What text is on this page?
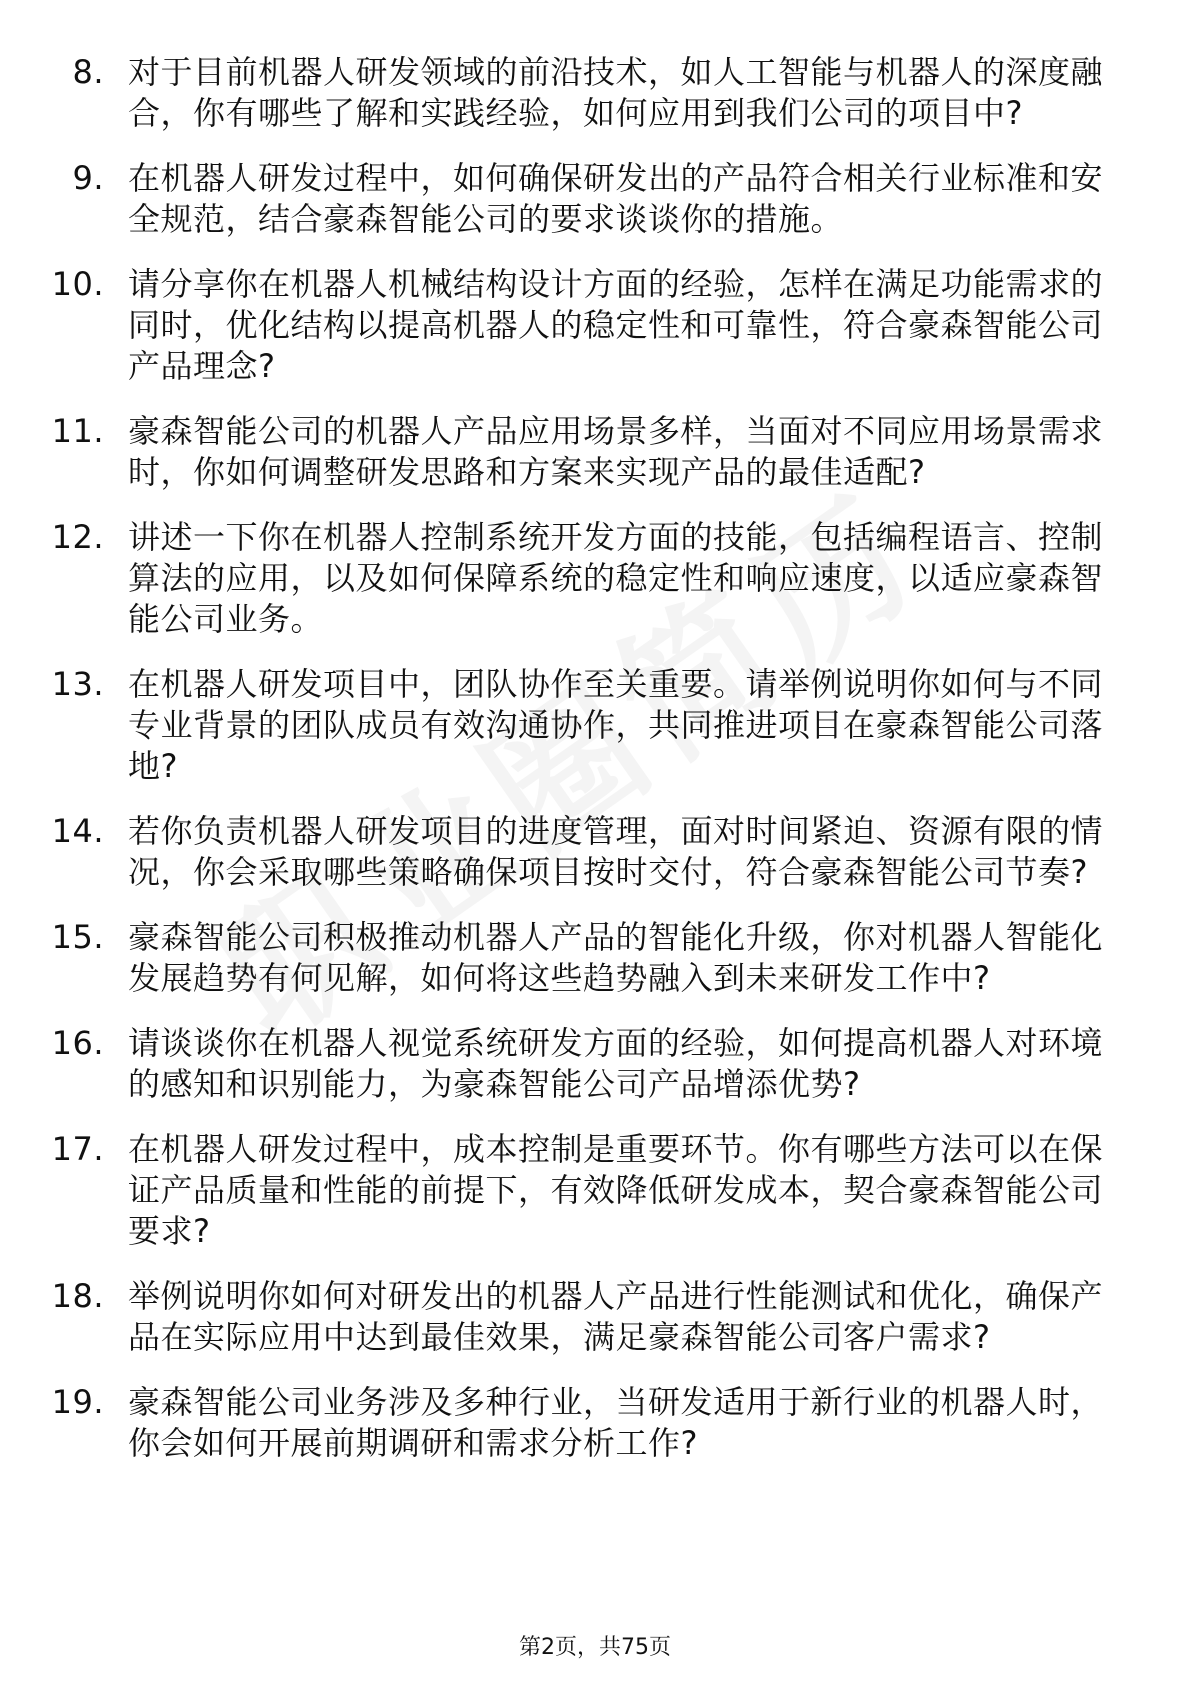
8. 对于目前机器人研发领域的前沿技术，如人工智能与机器人的深度融合，你有哪些了解和实践经验，如何应用到我们公司的项目中?
9. 在机器人研发过程中，如何确保研发出的产品符合相关行业标准和安全规范，结合豪森智能公司的要求谈谈你的措施。
10. 请分享你在机器人机械结构设计方面的经验，怎样在满足功能需求的同时，优化结构以提高机器人的稳定性和可靠性，符合豪森智能公司产品理念?
11. 豪森智能公司的机器人产品应用场景多样，当面对不同应用场景需求时，你如何调整研发思路和方案来实现产品的最佳适配?
12. 讲述一下你在机器人控制系统开发方面的技能，包括编程语言、控制算法的应用，以及如何保障系统的稳定性和响应速度，以适应豪森智能公司业务。
13. 在机器人研发项目中，团队协作至关重要。请举例说明你如何与不同专业背景的团队成员有效沟通协作，共同推进项目在豪森智能公司落地?
14. 若你负责机器人研发项目的进度管理，面对时间紧迫、资源有限的情况，你会采取哪些策略确保项目按时交付，符合豪森智能公司节奏?
15. 豪森智能公司积极推动机器人产品的智能化升级，你对机器人智能化发展趋势有何见解，如何将这些趋势融入到未来研发工作中?
16. 请谈谈你在机器人视觉系统研发方面的经验，如何提高机器人对环境的感知和识别能力，为豪森智能公司产品增添优势?
17. 在机器人研发过程中，成本控制是重要环节。你有哪些方法可以在保证产品质量和性能的前提下，有效降低研发成本，契合豪森智能公司要求?
18. 举例说明你如何对研发出的机器人产品进行性能测试和优化，确保产品在实际应用中达到最佳效果，满足豪森智能公司客户需求?
19. 豪森智能公司业务涉及多种行业，当研发适用于新行业的机器人时，你会如何开展前期调研和需求分析工作?
第2页，共75页
